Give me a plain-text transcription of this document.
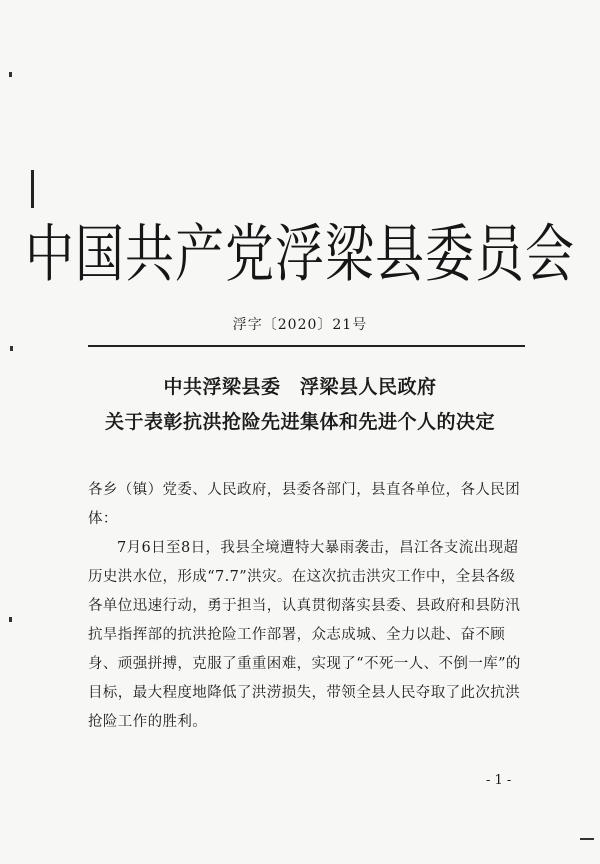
中国共产党浮梁县委员会
浮字〔2020〕21号
中共浮梁县委　浮梁县人民政府
关于表彰抗洪抢险先进集体和先进个人的决定

各乡（镇）党委、人民政府，县委各部门，县直各单位，各人民团体：

7月6日至8日，我县全境遭特大暴雨袭击，昌江各支流出现超历史洪水位，形成“7.7”洪灾。在这次抗击洪灾工作中，全县各级各单位迅速行动，勇于担当，认真贯彻落实县委、县政府和县防汛抗旱指挥部的抗洪抢险工作部署，众志成城、全力以赴、奋不顾身、顽强拼搏，克服了重重困难，实现了“不死一人、不倒一库”的目标，最大程度地降低了洪涝损失，带领全县人民夺取了此次抗洪抢险工作的胜利。

- 1 -
